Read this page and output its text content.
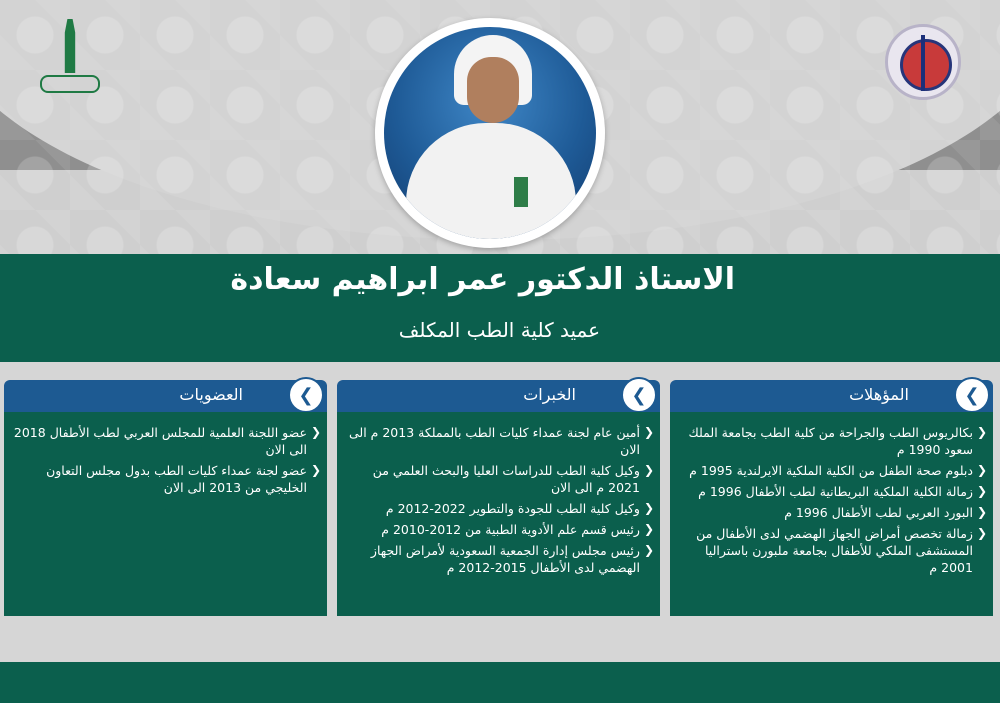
الاستاذ الدكتور عمر ابراهيم سعادة
عميد كلية الطب المكلف
المؤهلات	❮
❮
بكالريوس الطب والجراحة من كلية الطب بجامعة الملك سعود 1990 م
❮
دبلوم صحة الطفل من الكلية الملكية الايرلندية 1995 م
❮
زمالة الكلية الملكية البريطانية لطب الأطفال 1996 م
❮
البورد العربي لطب الأطفال 1996 م
❮
زمالة تخصص أمراض الجهاز الهضمي لدى الأطفال من المستشفى الملكي للأطفال بجامعة ملبورن باستراليا 2001 م
الخبرات	❮
❮
أمين عام لجنة عمداء كليات الطب بالمملكة 2013 م الى الان
❮
وكيل كلية الطب للدراسات العليا والبحث العلمي من 2021 م الى الان
❮
وكيل كلية الطب للجودة والتطوير 2022-2012 م
❮
رئيس قسم علم الأدوية الطبية من 2012-2010 م
❮
رئيس مجلس إدارة الجمعية السعودية لأمراض الجهاز الهضمي لدى الأطفال 2015-2012 م
العضويات	❮
❮
عضو اللجنة العلمية للمجلس العربي لطب الأطفال 2018 الى الان
❮
عضو لجنة عمداء كليات الطب بدول مجلس التعاون الخليجي من 2013 الى الان
